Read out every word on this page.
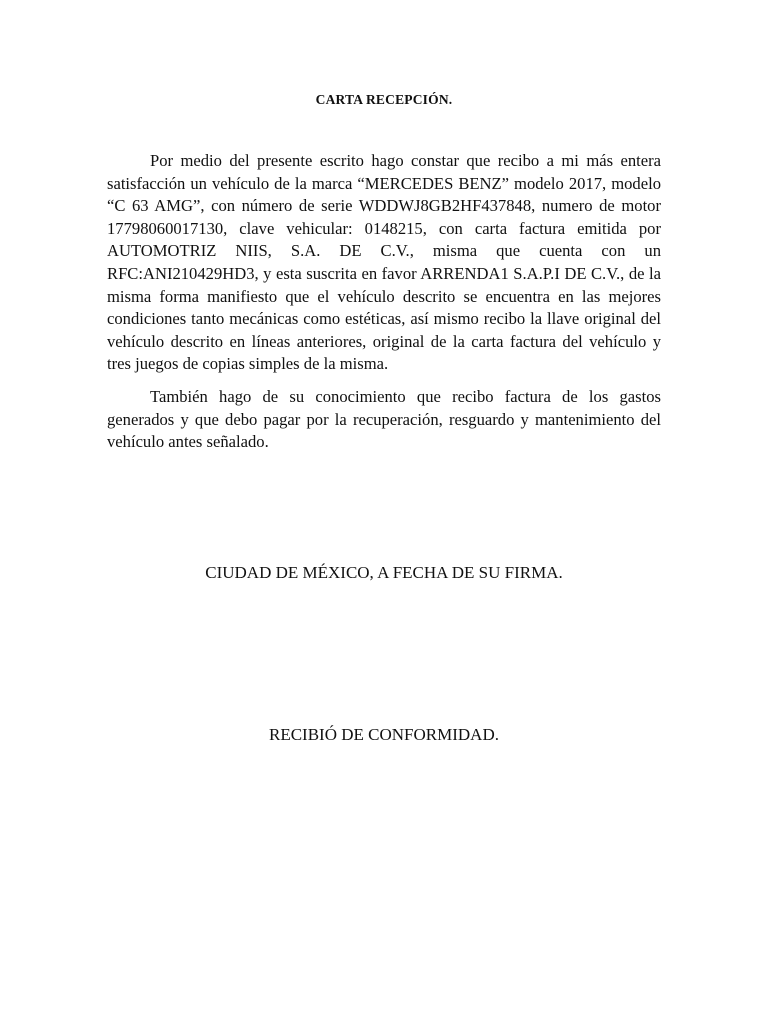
CARTA RECEPCIÓN.

Por medio del presente escrito hago constar que recibo a mi más entera satisfacción un vehículo de la marca “MERCEDES BENZ” modelo 2017, modelo “C 63 AMG”, con número de serie WDDWJ8GB2HF437848, numero de motor 17798060017130, clave vehicular: 0148215, con carta factura emitida por AUTOMOTRIZ NIIS, S.A. DE C.V., misma que cuenta con un RFC:ANI210429HD3, y esta suscrita en favor ARRENDA1 S.A.P.I DE C.V., de la misma forma manifiesto que el vehículo descrito se encuentra en las mejores condiciones tanto mecánicas como estéticas, así mismo recibo la llave original del vehículo descrito en líneas anteriores, original de la carta factura del vehículo y tres juegos de copias simples de la misma.

También hago de su conocimiento que recibo factura de los gastos generados y que debo pagar por la recuperación, resguardo y mantenimiento del vehículo antes señalado.

CIUDAD DE MÉXICO, A FECHA DE SU FIRMA.
RECIBIÓ DE CONFORMIDAD.
